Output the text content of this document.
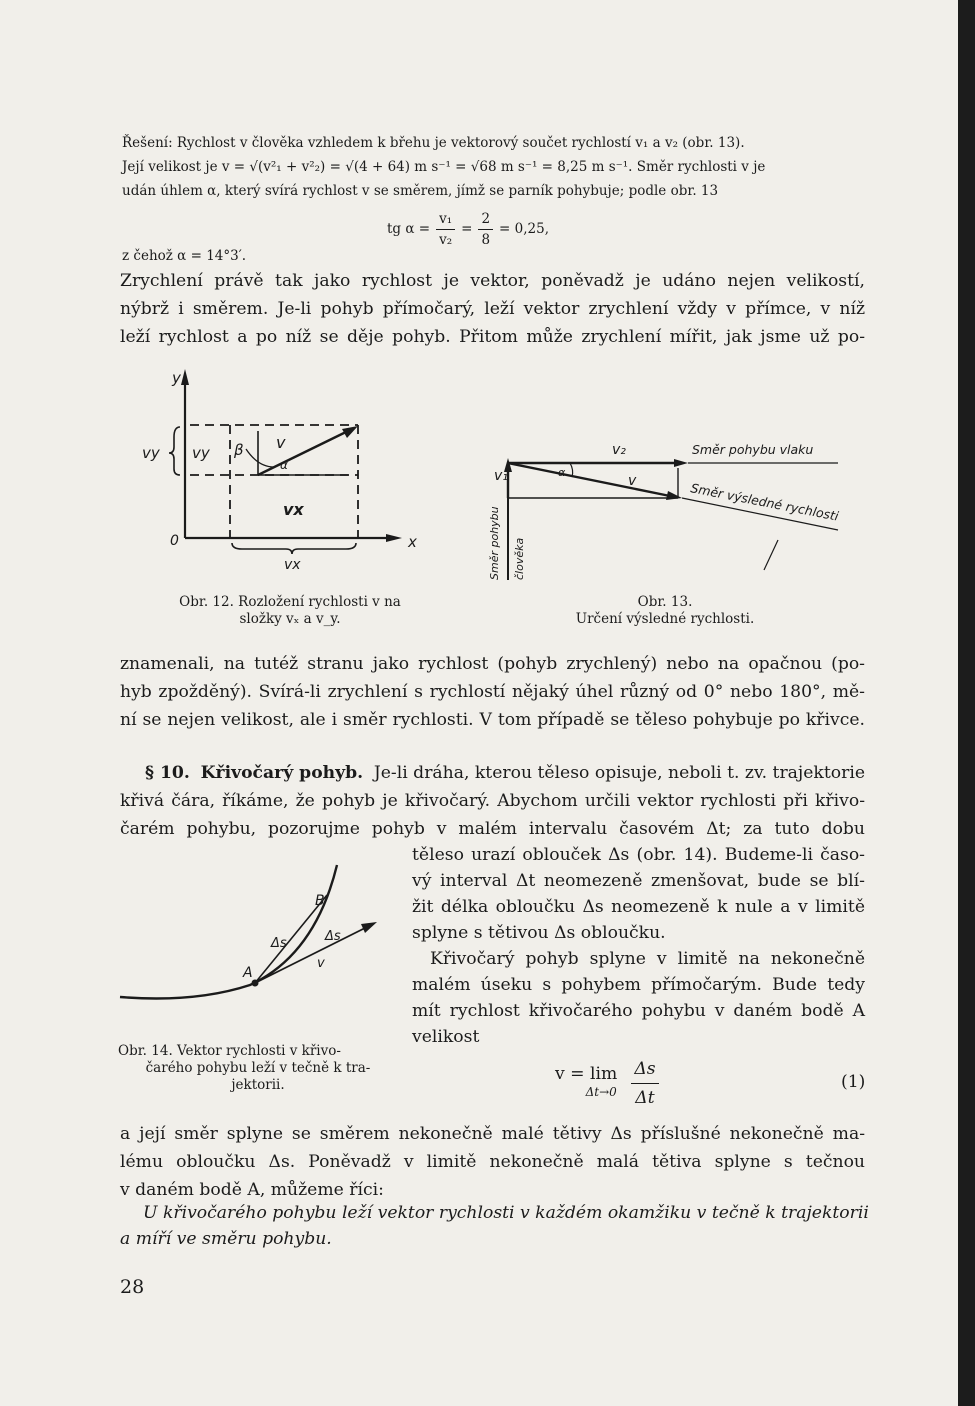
Řešení: Rychlost v člověka vzhledem k břehu je vektorový součet rychlostí v₁ a v₂ (obr. 13).
Její velikost je v = √(v²₁ + v²₂) = √(4 + 64) m s⁻¹ = √68 m s⁻¹ = 8,25 m s⁻¹. Směr rychlosti v je
udán úhlem α, který svírá rychlost v se směrem, jímž se parník pohybuje; podle obr. 13
tg $\alpha = \frac{\text{v₁}}{\text{v₂}} = \frac{2}{8} = 0,25$,
z čehož α = 14°3′.
Zrychlení právě tak jako rychlost je vektor, poněvadž je udáno nejen velikostí,
nýbrž i směrem. Je-li pohyb přímočarý, leží vektor zrychlení vždy v přímce, v níž
leží rychlost a po níž se děje pohyb. Přitom může zrychlení mířit, jak jsme už po-
y
vy vy β
α
v
vx
0	x
vx
Obr. 12. Rozložení rychlosti v na
složky vₓ a v_y.
v₂	Směr pohybu vlaku
v₁	α
v	Směr výsledné rychlosti
Směr pohybu člověka
Obr. 13.
Určení výsledné rychlosti.
znamenali, na tutéž stranu jako rychlost (pohyb zrychlený) nebo na opačnou (po-
hyb zpožděný). Svírá-li zrychlení s rychlostí nějaký úhel různý od 0° nebo 180°, mě-
ní se nejen velikost, ale i směr rychlosti. V tom případě se těleso pohybuje po křivce.
§ 10. Křivočarý pohyb. Je-li dráha, kterou těleso opisuje, neboli t. zv. trajektorie
křivá čára, říkáme, že pohyb je křivočarý. Abychom určili vektor rychlosti při křivo-
čarém pohybu, pozorujme pohyb v malém intervalu časovém Δt; za tuto dobu
těleso urazí oblouček Δs (obr. 14). Budeme-li časo-
vý interval Δt neomezeně zmenšovat, bude se blí-
žit délka obloučku Δs neomezeně k nule a v limitě
splyne s tětivou Δs obloučku.
Křivočarý pohyb splyne v limitě na nekonečně
malém úseku s pohybem přímočarým. Bude tedy
mít rychlost křivočarého pohybu v daném bodě A
velikost
B
Δs	Δs
A
v
Obr. 14. Vektor rychlosti v křivo-
čarého pohybu leží v tečně k tra-
jektorii.
v = lim
$\Delta t\to 0 \frac{\Delta s}{\Delta t}$	(1)
a její směr splyne se směrem nekonečně malé tětivy Δs příslušné nekonečně ma-
lému obloučku Δs. Poněvadž v limitě nekonečně malá tětiva splyne s tečnou
v daném bodě A, můžeme říci:
U křivočarého pohybu leží vektor rychlosti v každém okamžiku v tečně k trajektorii
a míří ve směru pohybu.
28
